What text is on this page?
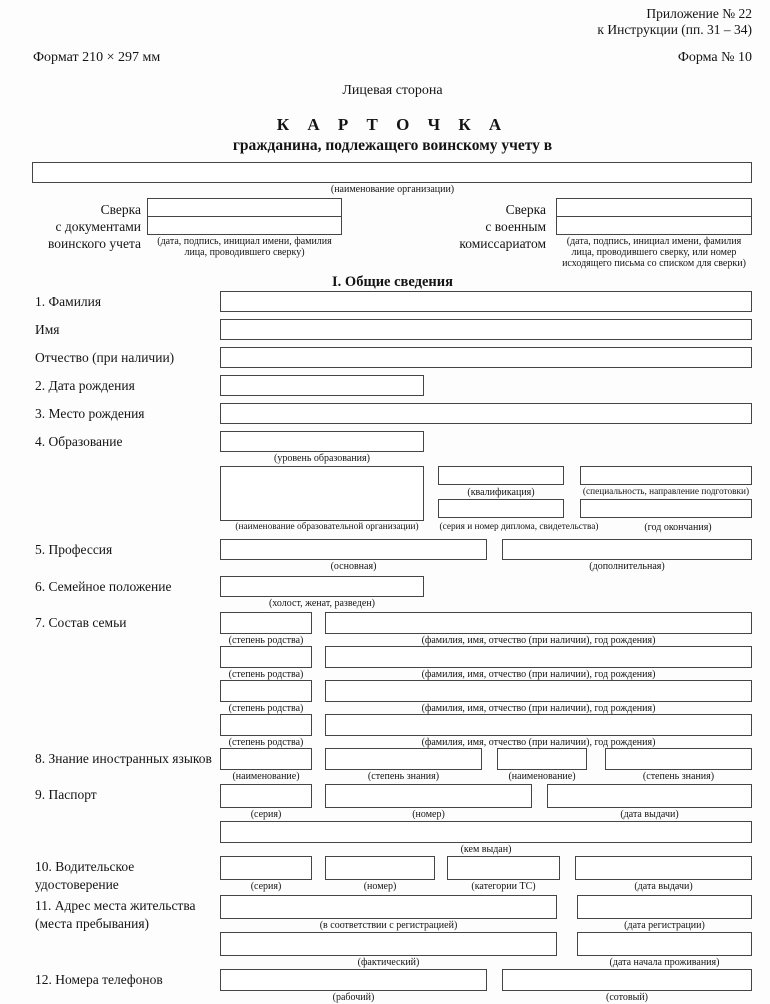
Приложение № 22
к Инструкции (пп. 31 – 34)
Формат 210 × 297 мм	Форма № 10
Лицевая сторона
К А Р Т О Ч К А
гражданина, подлежащего воинскому учету в
(наименование организации)
Сверка
с документами
воинского учета	(дата, подпись, инициал имени, фамилия лица, проводившего сверку)
Сверка
с военным
комиссариатом	(дата, подпись, инициал имени, фамилия лица, проводившего сверку, или номер исходящего письма со списком для сверки)
I. Общие сведения
1. Фамилия
Имя
Отчество (при наличии)
2. Дата рождения
3. Место рождения
4. Образование
(уровень образования)
(квалификация)	(специальность, направление подготовки)
(наименование образовательной организации)	(серия и номер диплома, свидетельства)	(год окончания)
5. Профессия
(основная)	(дополнительная)
6. Семейное положение
(холост, женат, разведен)
7. Состав семьи
(степень родства)	(фамилия, имя, отчество (при наличии), год рождения)
(степень родства)	(фамилия, имя, отчество (при наличии), год рождения)
(степень родства)	(фамилия, имя, отчество (при наличии), год рождения)
(степень родства)	(фамилия, имя, отчество (при наличии), год рождения)
8. Знание иностранных языков
(наименование)	(степень знания)	(наименование)	(степень знания)
9. Паспорт
(серия)	(номер)	(дата выдачи)
(кем выдан)
10. Водительское удостоверение	(серия)	(номер)	(категории ТС)	(дата выдачи)
11. Адрес места жительства (места пребывания)	(в соответствии с регистрацией)	(дата регистрации)
(фактический)	(дата начала проживания)
12. Номера телефонов
(рабочий)	(сотовый)
